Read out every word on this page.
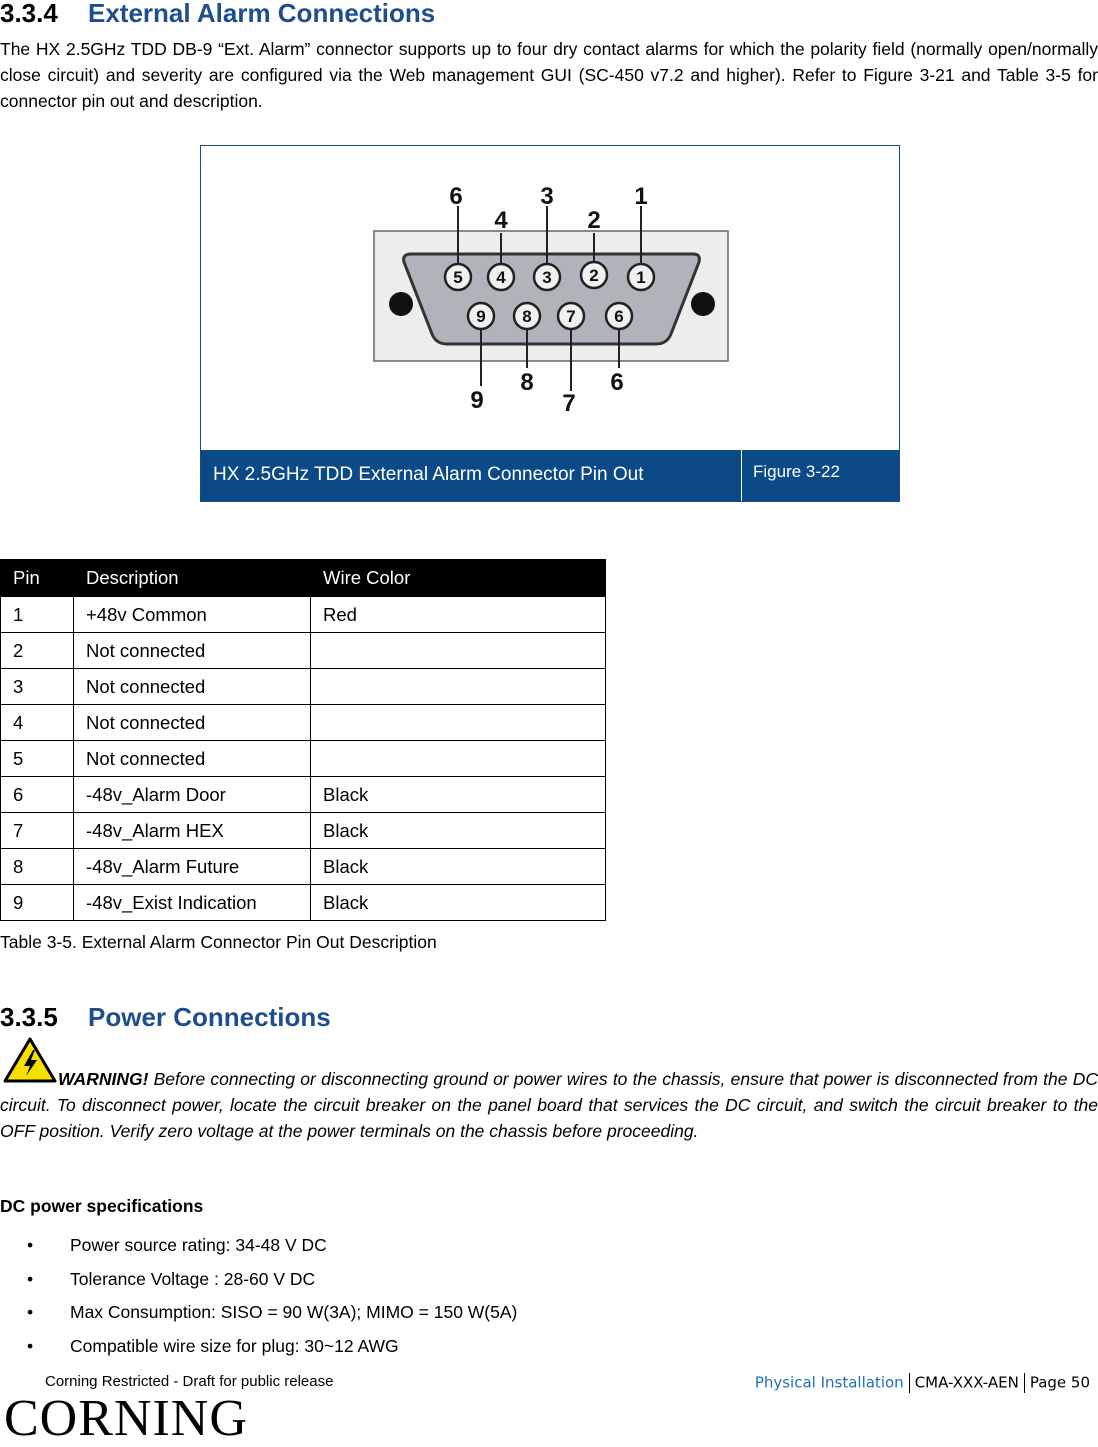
3.3.4 External Alarm Connections
The HX 2.5GHz TDD DB-9 “Ext. Alarm” connector supports up to four dry contact alarms for which the polarity field (normally open/normally close circuit) and severity are configured via the Web management GUI (SC-450 v7.2 and higher). Refer to Figure 3-21 and Table 3-5 for connector pin out and description.
6
4
3
2
1
9
8
7
6
5 4 3 2 1
9 8 7 6
HX 2.5GHz TDD External Alarm Connector Pin Out	Figure 3-22
Pin	Description	Wire Color
1	+48v Common	Red
2	Not connected	
3	Not connected	
4	Not connected	
5	Not connected	
6	-48v_Alarm Door	Black
7	-48v_Alarm HEX	Black
8	-48v_Alarm Future	Black
9	-48v_Exist Indication	Black
Table 3-5. External Alarm Connector Pin Out Description
3.3.5 Power Connections
WARNING! Before connecting or disconnecting ground or power wires to the chassis, ensure that power is disconnected from the DC circuit. To disconnect power, locate the circuit breaker on the panel board that services the DC circuit, and switch the circuit breaker to the OFF position. Verify zero voltage at the power terminals on the chassis before proceeding.
DC power specifications
• Power source rating: 34-48 V DC
• Tolerance Voltage : 28-60 V DC
• Max Consumption: SISO = 90 W(3A); MIMO = 150 W(5A)
• Compatible wire size for plug: 30~12 AWG
Corning Restricted - Draft for public release	Physical Installation CMA-XXX-AEN Page 50
CORNING
